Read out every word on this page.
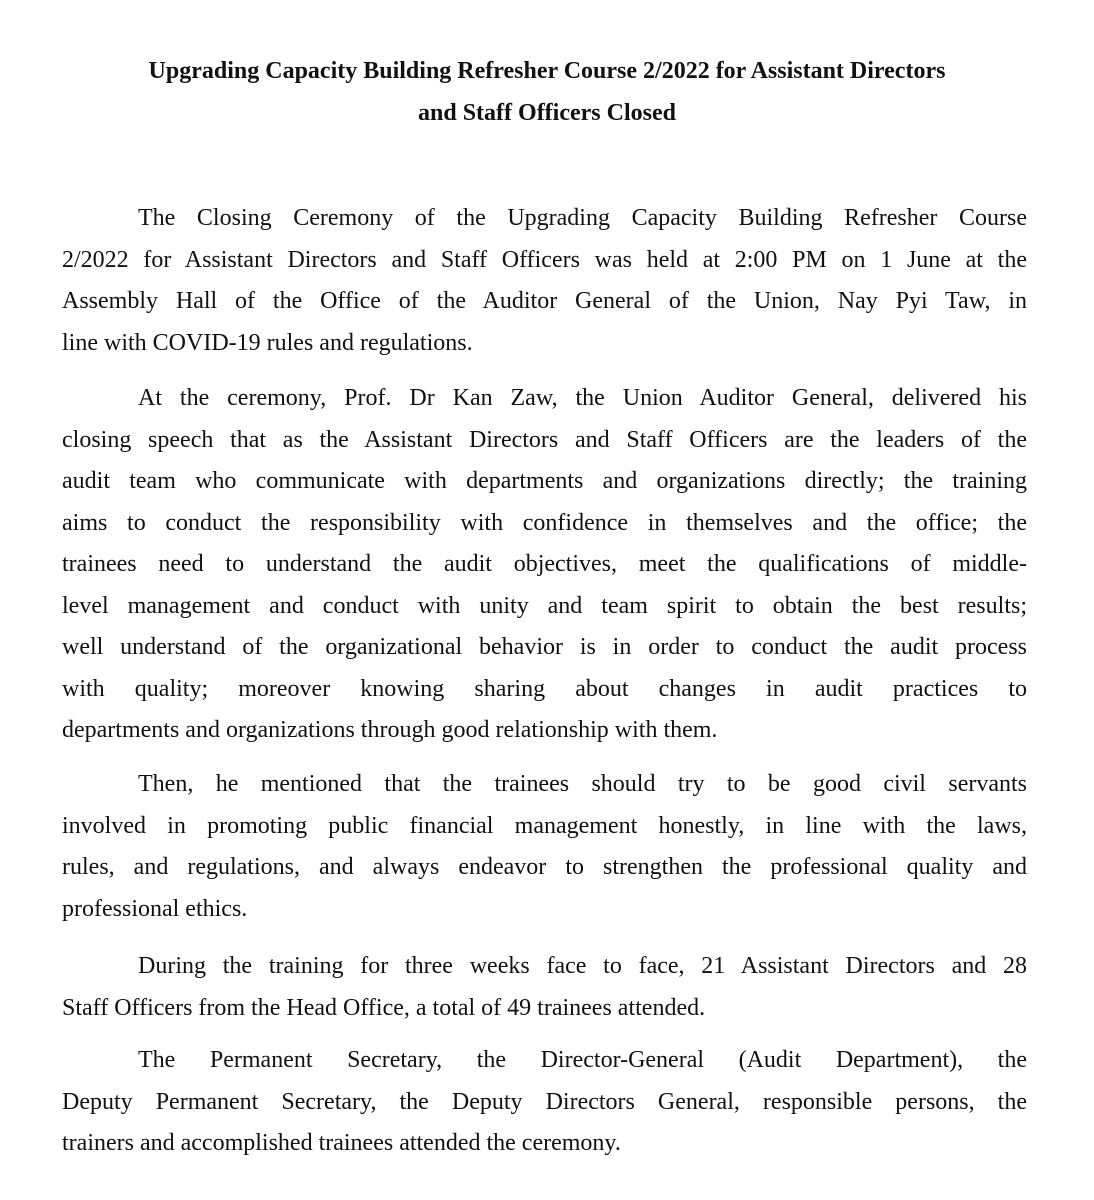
Upgrading Capacity Building Refresher Course 2/2022 for Assistant Directors
and Staff Officers Closed

The Closing Ceremony of the Upgrading Capacity Building Refresher Course
2/2022 for Assistant Directors and Staff Officers was held at 2:00 PM on 1 June at the
Assembly Hall of the Office of the Auditor General of the Union, Nay Pyi Taw, in
line with COVID-19 rules and regulations.

At the ceremony, Prof. Dr Kan Zaw, the Union Auditor General, delivered his
closing speech that as the Assistant Directors and Staff Officers are the leaders of the
audit team who communicate with departments and organizations directly; the training
aims to conduct the responsibility with confidence in themselves and the office; the
trainees need to understand the audit objectives, meet the qualifications of middle-
level management and conduct with unity and team spirit to obtain the best results;
well understand of the organizational behavior is in order to conduct the audit process
with quality; moreover knowing sharing about changes in audit practices to
departments and organizations through good relationship with them.

Then, he mentioned that the trainees should try to be good civil servants
involved in promoting public financial management honestly, in line with the laws,
rules, and regulations, and always endeavor to strengthen the professional quality and
professional ethics.

During the training for three weeks face to face, 21 Assistant Directors and 28
Staff Officers from the Head Office, a total of 49 trainees attended.

The Permanent Secretary, the Director-General (Audit Department), the
Deputy Permanent Secretary, the Deputy Directors General, responsible persons, the
trainers and accomplished trainees attended the ceremony.
